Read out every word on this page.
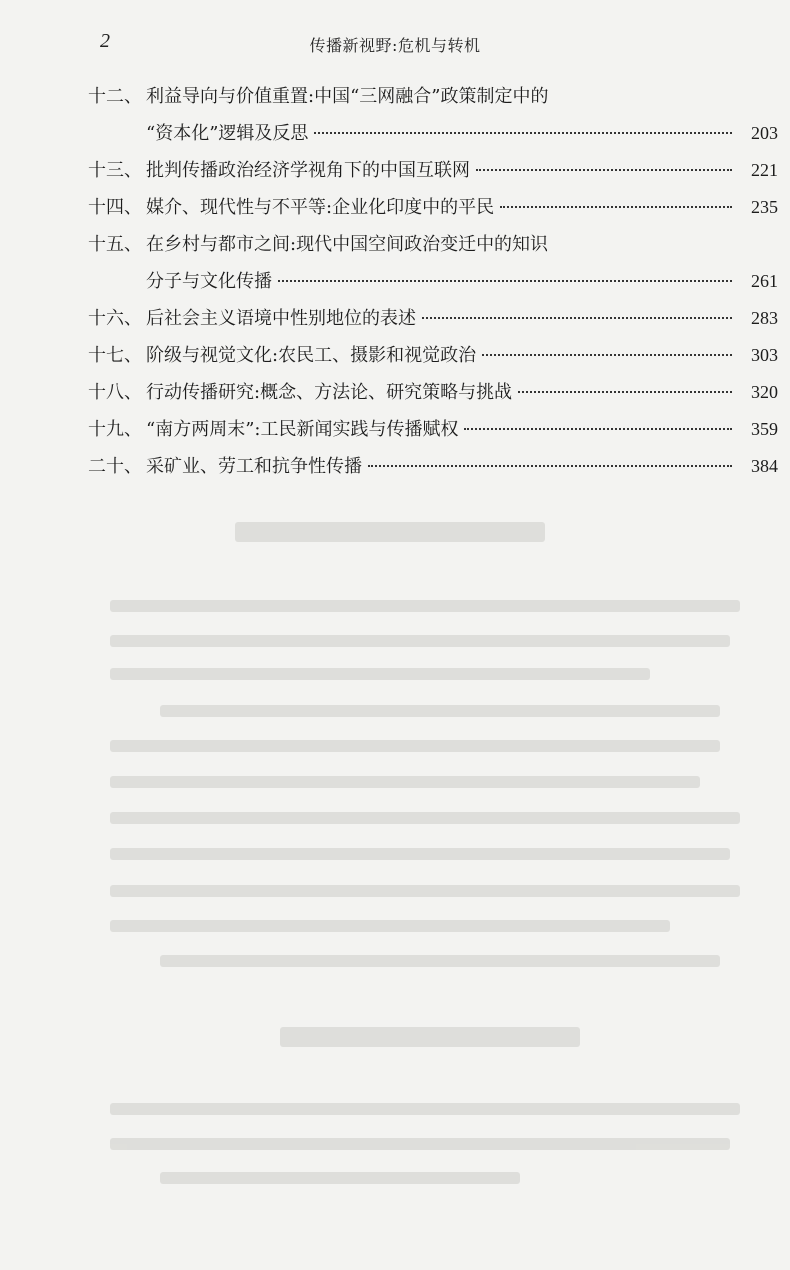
2	传播新视野:危机与转机
十二、 利益导向与价值重置:中国“三网融合”政策制定中的
“资本化”逻辑及反思	203
十三、 批判传播政治经济学视角下的中国互联网	221
十四、 媒介、现代性与不平等:企业化印度中的平民	235
十五、 在乡村与都市之间:现代中国空间政治变迁中的知识
分子与文化传播	261
十六、 后社会主义语境中性别地位的表述	283
十七、 阶级与视觉文化:农民工、摄影和视觉政治	303
十八、 行动传播研究:概念、方法论、研究策略与挑战	320
十九、 “南方两周末”:工民新闻实践与传播赋权	359
二十、 采矿业、劳工和抗争性传播	384
